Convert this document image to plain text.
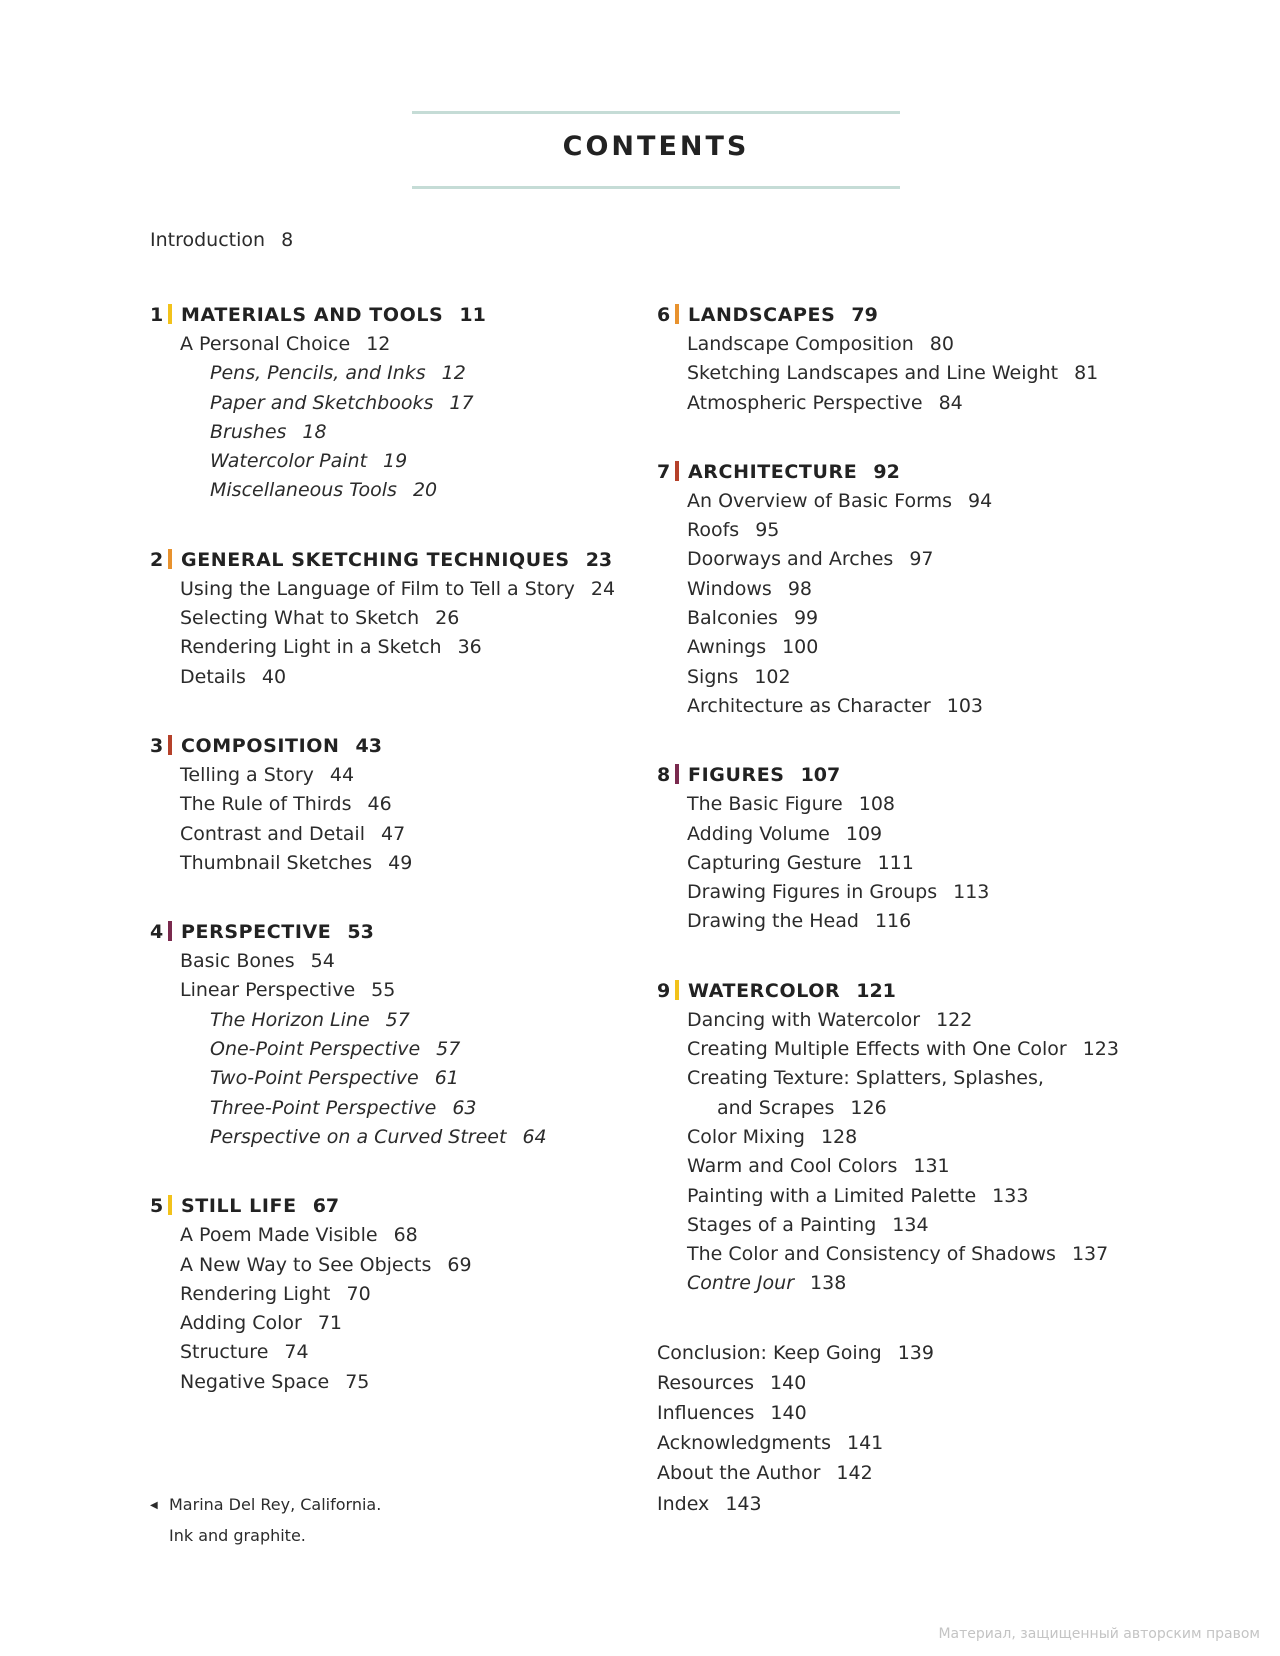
CONTENTS
Introduction 8
1 MATERIALS AND TOOLS 11
A Personal Choice 12
Pens, Pencils, and Inks 12
Paper and Sketchbooks 17
Brushes 18
Watercolor Paint 19
Miscellaneous Tools 20
2 GENERAL SKETCHING TECHNIQUES 23
Using the Language of Film to Tell a Story 24
Selecting What to Sketch 26
Rendering Light in a Sketch 36
Details 40
3 COMPOSITION 43
Telling a Story 44
The Rule of Thirds 46
Contrast and Detail 47
Thumbnail Sketches 49
4 PERSPECTIVE 53
Basic Bones 54
Linear Perspective 55
The Horizon Line 57
One-Point Perspective 57
Two-Point Perspective 61
Three-Point Perspective 63
Perspective on a Curved Street 64
5 STILL LIFE 67
A Poem Made Visible 68
A New Way to See Objects 69
Rendering Light 70
Adding Color 71
Structure 74
Negative Space 75
6 LANDSCAPES 79
Landscape Composition 80
Sketching Landscapes and Line Weight 81
Atmospheric Perspective 84
7 ARCHITECTURE 92
An Overview of Basic Forms 94
Roofs 95
Doorways and Arches 97
Windows 98
Balconies 99
Awnings 100
Signs 102
Architecture as Character 103
8 FIGURES 107
The Basic Figure 108
Adding Volume 109
Capturing Gesture 111
Drawing Figures in Groups 113
Drawing the Head 116
9 WATERCOLOR 121
Dancing with Watercolor 122
Creating Multiple Effects with One Color 123
Creating Texture: Splatters, Splashes,
and Scrapes 126
Color Mixing 128
Warm and Cool Colors 131
Painting with a Limited Palette 133
Stages of a Painting 134
The Color and Consistency of Shadows 137
Contre Jour 138
Conclusion: Keep Going 139
Resources 140
Influences 140
Acknowledgments 141
About the Author 142
Index 143
◀ Marina Del Rey, California.
Ink and graphite.
Материал, защищенный авторским правом
